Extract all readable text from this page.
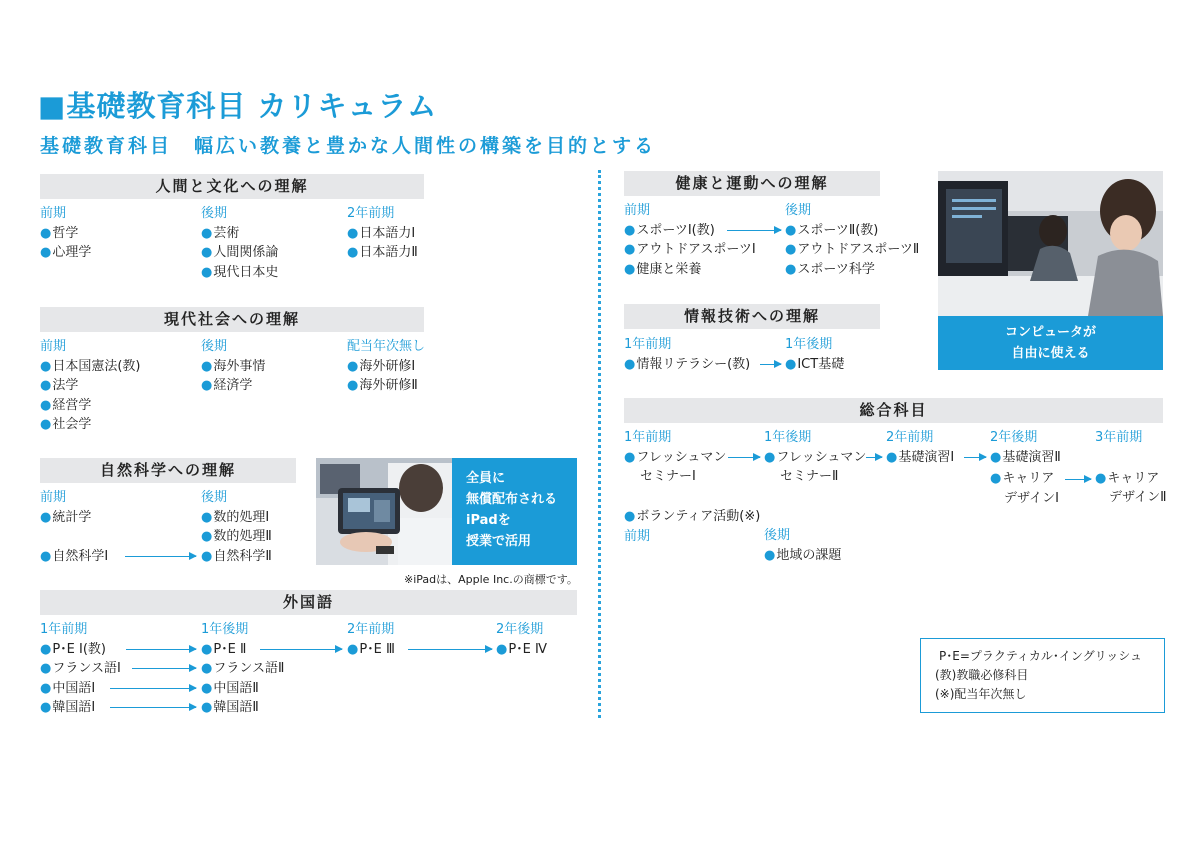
■基礎教育科目 カリキュラム
基礎教育科目　幅広い教養と豊かな人間性の構築を目的とする
人間と文化への理解
前期
● 哲学
● 心理学
後期
● 芸術
● 人間関係論
● 現代日本史
2年前期
● 日本語力Ⅰ
● 日本語力Ⅱ
現代社会への理解
前期
● 日本国憲法(教)
● 法学
● 経営学
● 社会学
後期
● 海外事情
● 経済学
配当年次無し
● 海外研修Ⅰ
● 海外研修Ⅱ
自然科学への理解
前期
● 統計学
● 自然科学Ⅰ
後期
● 数的処理Ⅰ
● 数的処理Ⅱ
● 自然科学Ⅱ
全員に
無償配布される
iPadを
授業で活用
※iPadは、Apple Inc.の商標です。
外国語
1年前期
● P･E Ⅰ(教)
● フランス語Ⅰ
● 中国語Ⅰ
● 韓国語Ⅰ
1年後期
● P･E Ⅱ
● フランス語Ⅱ
● 中国語Ⅱ
● 韓国語Ⅱ
2年前期
● P･E Ⅲ
2年後期
● P･E Ⅳ
健康と運動への理解
前期
● スポーツⅠ(教)
● アウトドアスポーツⅠ
● 健康と栄養
後期
● スポーツⅡ(教)
● アウトドアスポーツⅡ
● スポーツ科学
情報技術への理解
1年前期
● 情報リテラシー(教)
1年後期
● ICT基礎
コンピュータが
自由に使える
総合科目
1年前期
● フレッシュマン
セミナーⅠ
1年後期
● フレッシュマン
セミナーⅡ
2年前期
● 基礎演習Ⅰ
2年後期
● 基礎演習Ⅱ
● キャリア
デザインⅠ
3年前期
● キャリア
デザインⅡ
● ボランティア活動(※)
前期	後期
● 地域の課題
P･E=プラクティカル･イングリッシュ
(教)教職必修科目
(※)配当年次無し
